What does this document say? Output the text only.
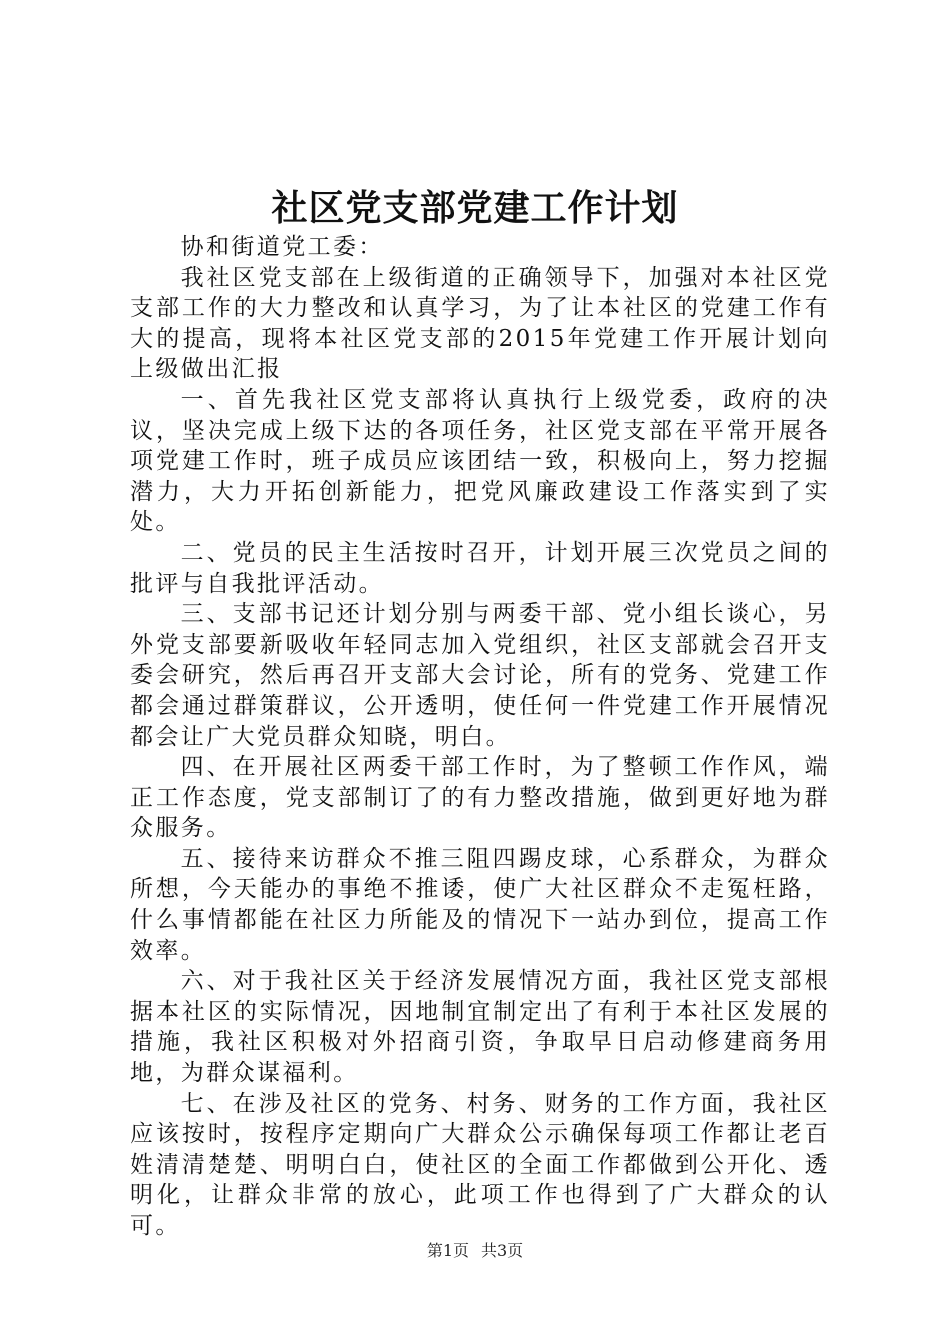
社区党支部党建工作计划

协和街道党工委：

我社区党支部在上级街道的正确领导下，加强对本社区党支部工作的大力整改和认真学习，为了让本社区的党建工作有大的提高，现将本社区党支部的2015年党建工作开展计划向上级做出汇报

一、首先我社区党支部将认真执行上级党委，政府的决议，坚决完成上级下达的各项任务，社区党支部在平常开展各项党建工作时，班子成员应该团结一致，积极向上，努力挖掘潜力，大力开拓创新能力，把党风廉政建设工作落实到了实处。

二、党员的民主生活按时召开，计划开展三次党员之间的批评与自我批评活动。

三、支部书记还计划分别与两委干部、党小组长谈心，另外党支部要新吸收年轻同志加入党组织，社区支部就会召开支委会研究，然后再召开支部大会讨论，所有的党务、党建工作都会通过群策群议，公开透明，使任何一件党建工作开展情况都会让广大党员群众知晓，明白。

四、在开展社区两委干部工作时，为了整顿工作作风，端正工作态度，党支部制订了的有力整改措施，做到更好地为群众服务。

五、接待来访群众不推三阻四踢皮球，心系群众，为群众所想，今天能办的事绝不推诿，使广大社区群众不走冤枉路，什么事情都能在社区力所能及的情况下一站办到位，提高工作效率。

六、对于我社区关于经济发展情况方面，我社区党支部根据本社区的实际情况，因地制宜制定出了有利于本社区发展的措施，我社区积极对外招商引资，争取早日启动修建商务用地，为群众谋福利。

七、在涉及社区的党务、村务、财务的工作方面，我社区应该按时，按程序定期向广大群众公示确保每项工作都让老百姓清清楚楚、明明白白，使社区的全面工作都做到公开化、透明化，让群众非常的放心，此项工作也得到了广大群众的认可。

第1页 共3页
